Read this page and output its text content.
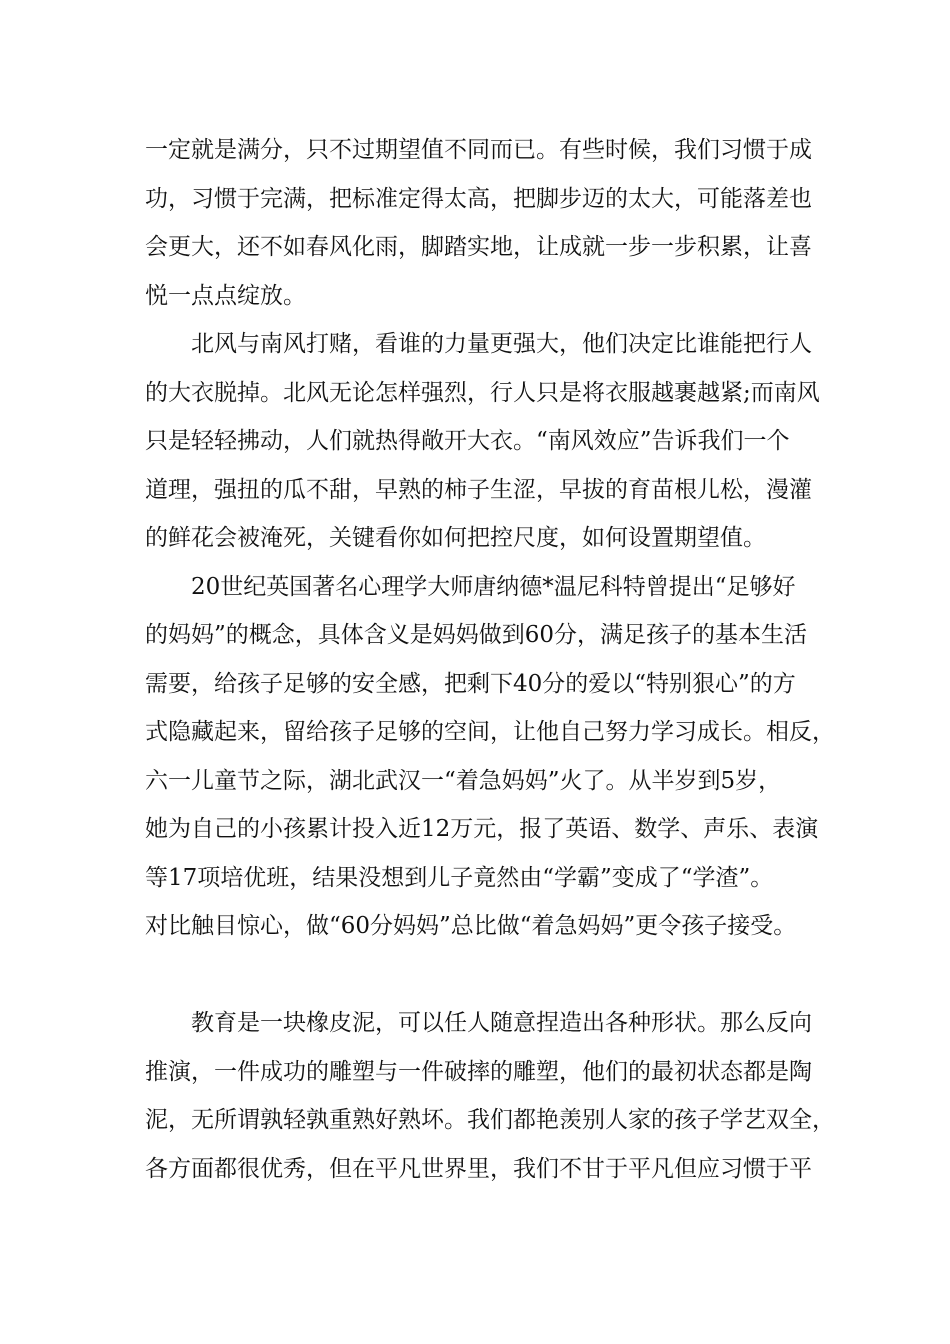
一定就是满分，只不过期望值不同而已。有些时候，我们习惯于成
功，习惯于完满，把标准定得太高，把脚步迈的太大，可能落差也
会更大，还不如春风化雨，脚踏实地，让成就一步一步积累，让喜
悦一点点绽放。
北风与南风打赌，看谁的力量更强大，他们决定比谁能把行人
的大衣脱掉。北风无论怎样强烈，行人只是将衣服越裹越紧;而南风
只是轻轻拂动，人们就热得敞开大衣。“南风效应”告诉我们一个
道理，强扭的瓜不甜，早熟的柿子生涩，早拔的育苗根儿松，漫灌
的鲜花会被淹死，关键看你如何把控尺度，如何设置期望值。
20世纪英国著名心理学大师唐纳德*温尼科特曾提出“足够好
的妈妈”的概念，具体含义是妈妈做到60分，满足孩子的基本生活
需要，给孩子足够的安全感，把剩下40分的爱以“特别狠心”的方
式隐藏起来，留给孩子足够的空间，让他自己努力学习成长。相反，
六一儿童节之际，湖北武汉一“着急妈妈”火了。从半岁到5岁，
她为自己的小孩累计投入近12万元，报了英语、数学、声乐、表演
等17项培优班，结果没想到儿子竟然由“学霸”变成了“学渣”。
对比触目惊心，做“60分妈妈”总比做“着急妈妈”更令孩子接受。
教育是一块橡皮泥，可以任人随意捏造出各种形状。那么反向
推演，一件成功的雕塑与一件破摔的雕塑，他们的最初状态都是陶
泥，无所谓孰轻孰重熟好熟坏。我们都艳羡别人家的孩子学艺双全，
各方面都很优秀，但在平凡世界里，我们不甘于平凡但应习惯于平
